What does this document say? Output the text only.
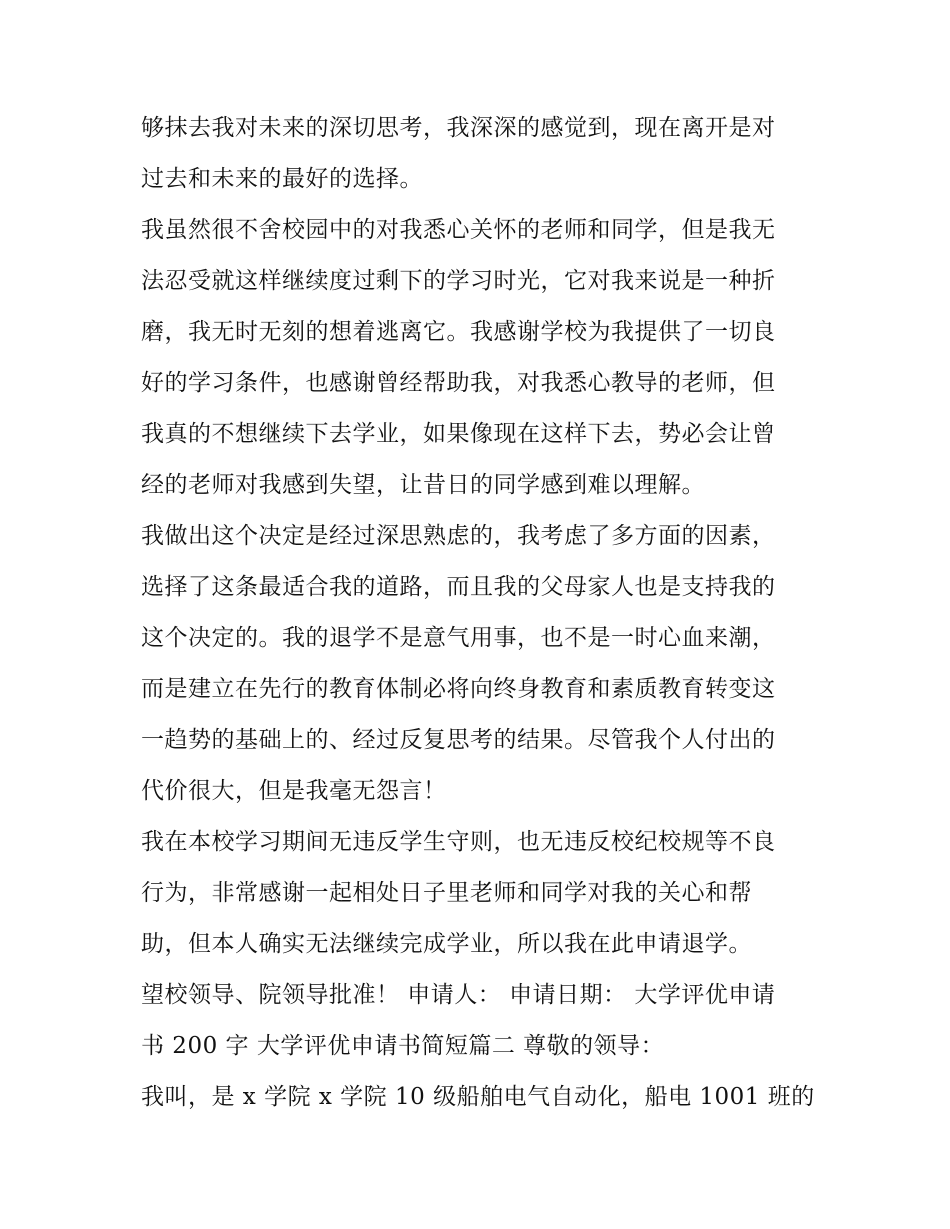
够抹去我对未来的深切思考，我深深的感觉到，现在离开是对
过去和未来的最好的选择。
我虽然很不舍校园中的对我悉心关怀的老师和同学，但是我无
法忍受就这样继续度过剩下的学习时光，它对我来说是一种折
磨，我无时无刻的想着逃离它。我感谢学校为我提供了一切良
好的学习条件，也感谢曾经帮助我，对我悉心教导的老师，但
我真的不想继续下去学业，如果像现在这样下去，势必会让曾
经的老师对我感到失望，让昔日的同学感到难以理解。
我做出这个决定是经过深思熟虑的，我考虑了多方面的因素，
选择了这条最适合我的道路，而且我的父母家人也是支持我的
这个决定的。我的退学不是意气用事，也不是一时心血来潮，
而是建立在先行的教育体制必将向终身教育和素质教育转变这
一趋势的基础上的、经过反复思考的结果。尽管我个人付出的
代价很大，但是我毫无怨言！
我在本校学习期间无违反学生守则，也无违反校纪校规等不良
行为，非常感谢一起相处日子里老师和同学对我的关心和帮
助，但本人确实无法继续完成学业，所以我在此申请退学。
望校领导、院领导批准！ 申请人： 申请日期： 大学评优申请
书 200 字 大学评优申请书简短篇二 尊敬的领导：
我叫，是 x 学院 x 学院 10 级船舶电气自动化，船电 1001 班的
